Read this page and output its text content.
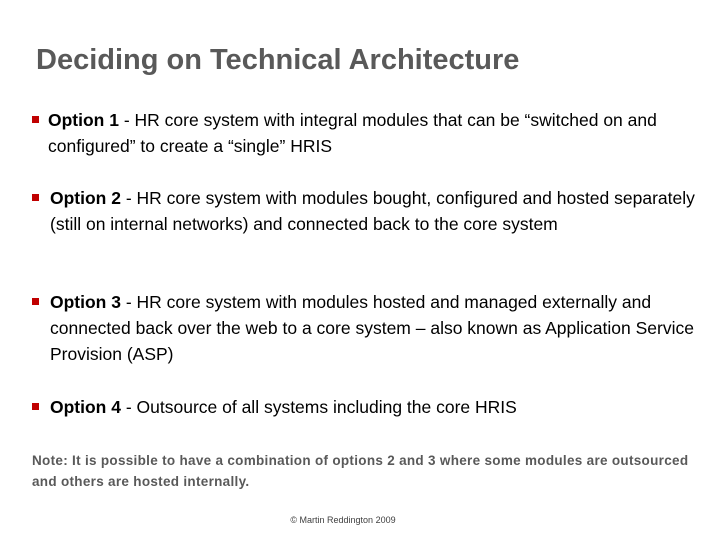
Deciding on Technical Architecture
Option 1 - HR core system with integral modules that can be “switched on and configured” to create a “single” HRIS
Option 2 - HR core system with modules bought, configured and hosted separately (still on internal networks) and connected back to the core system
Option 3 - HR core system with modules hosted and managed externally and connected back over the web to a core system – also known as Application Service Provision (ASP)
Option 4 - Outsource of all systems including the core HRIS
Note: It is possible to have a combination of options 2 and 3 where some modules are outsourced and others are hosted internally.
© Martin Reddington 2009
